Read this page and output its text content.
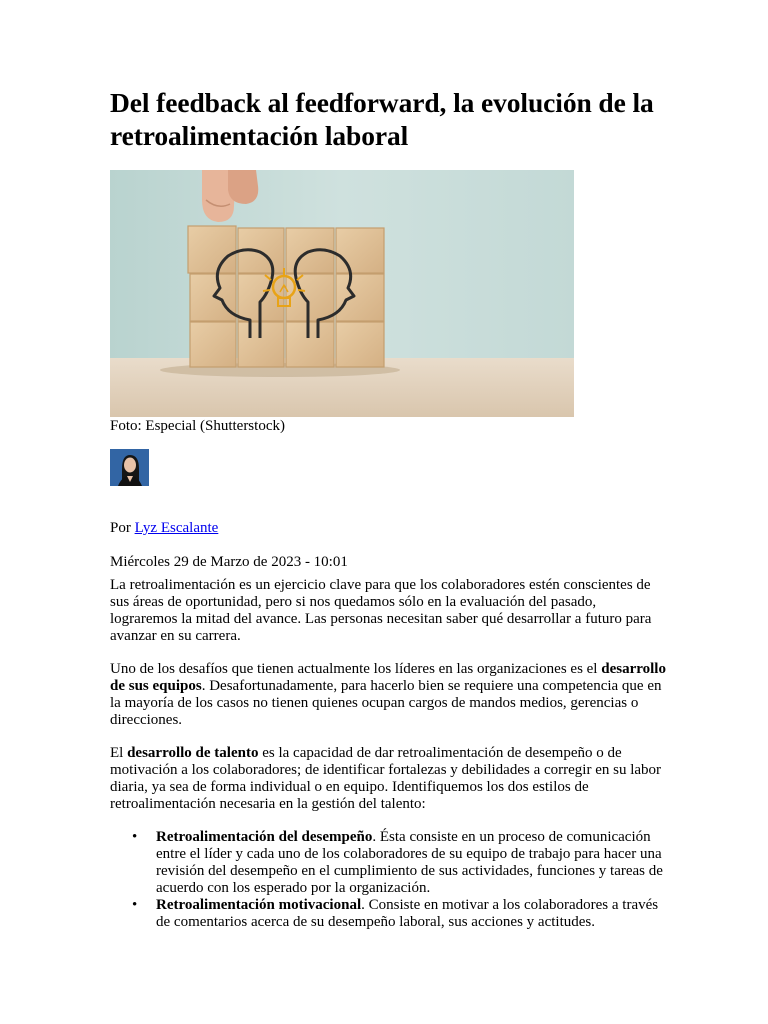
Del feedback al feedforward, la evolución de la retroalimentación laboral
Foto: Especial (Shutterstock)
Por Lyz Escalante
Miércoles 29 de Marzo de 2023 - 10:01

La retroalimentación es un ejercicio clave para que los colaboradores estén conscientes de sus áreas de oportunidad, pero si nos quedamos sólo en la evaluación del pasado, lograremos la mitad del avance. Las personas necesitan saber qué desarrollar a futuro para avanzar en su carrera.

Uno de los desafíos que tienen actualmente los líderes en las organizaciones es el desarrollo de sus equipos. Desafortunadamente, para hacerlo bien se requiere una competencia que en la mayoría de los casos no tienen quienes ocupan cargos de mandos medios, gerencias o direcciones.

El desarrollo de talento es la capacidad de dar retroalimentación de desempeño o de motivación a los colaboradores; de identificar fortalezas y debilidades a corregir en su labor diaria, ya sea de forma individual o en equipo. Identifiquemos los dos estilos de retroalimentación necesaria en la gestión del talento:

• Retroalimentación del desempeño. Ésta consiste en un proceso de comunicación entre el líder y cada uno de los colaboradores de su equipo de trabajo para hacer una revisión del desempeño en el cumplimiento de sus actividades, funciones y tareas de acuerdo con los esperado por la organización.
• Retroalimentación motivacional. Consiste en motivar a los colaboradores a través de comentarios acerca de su desempeño laboral, sus acciones y actitudes.
